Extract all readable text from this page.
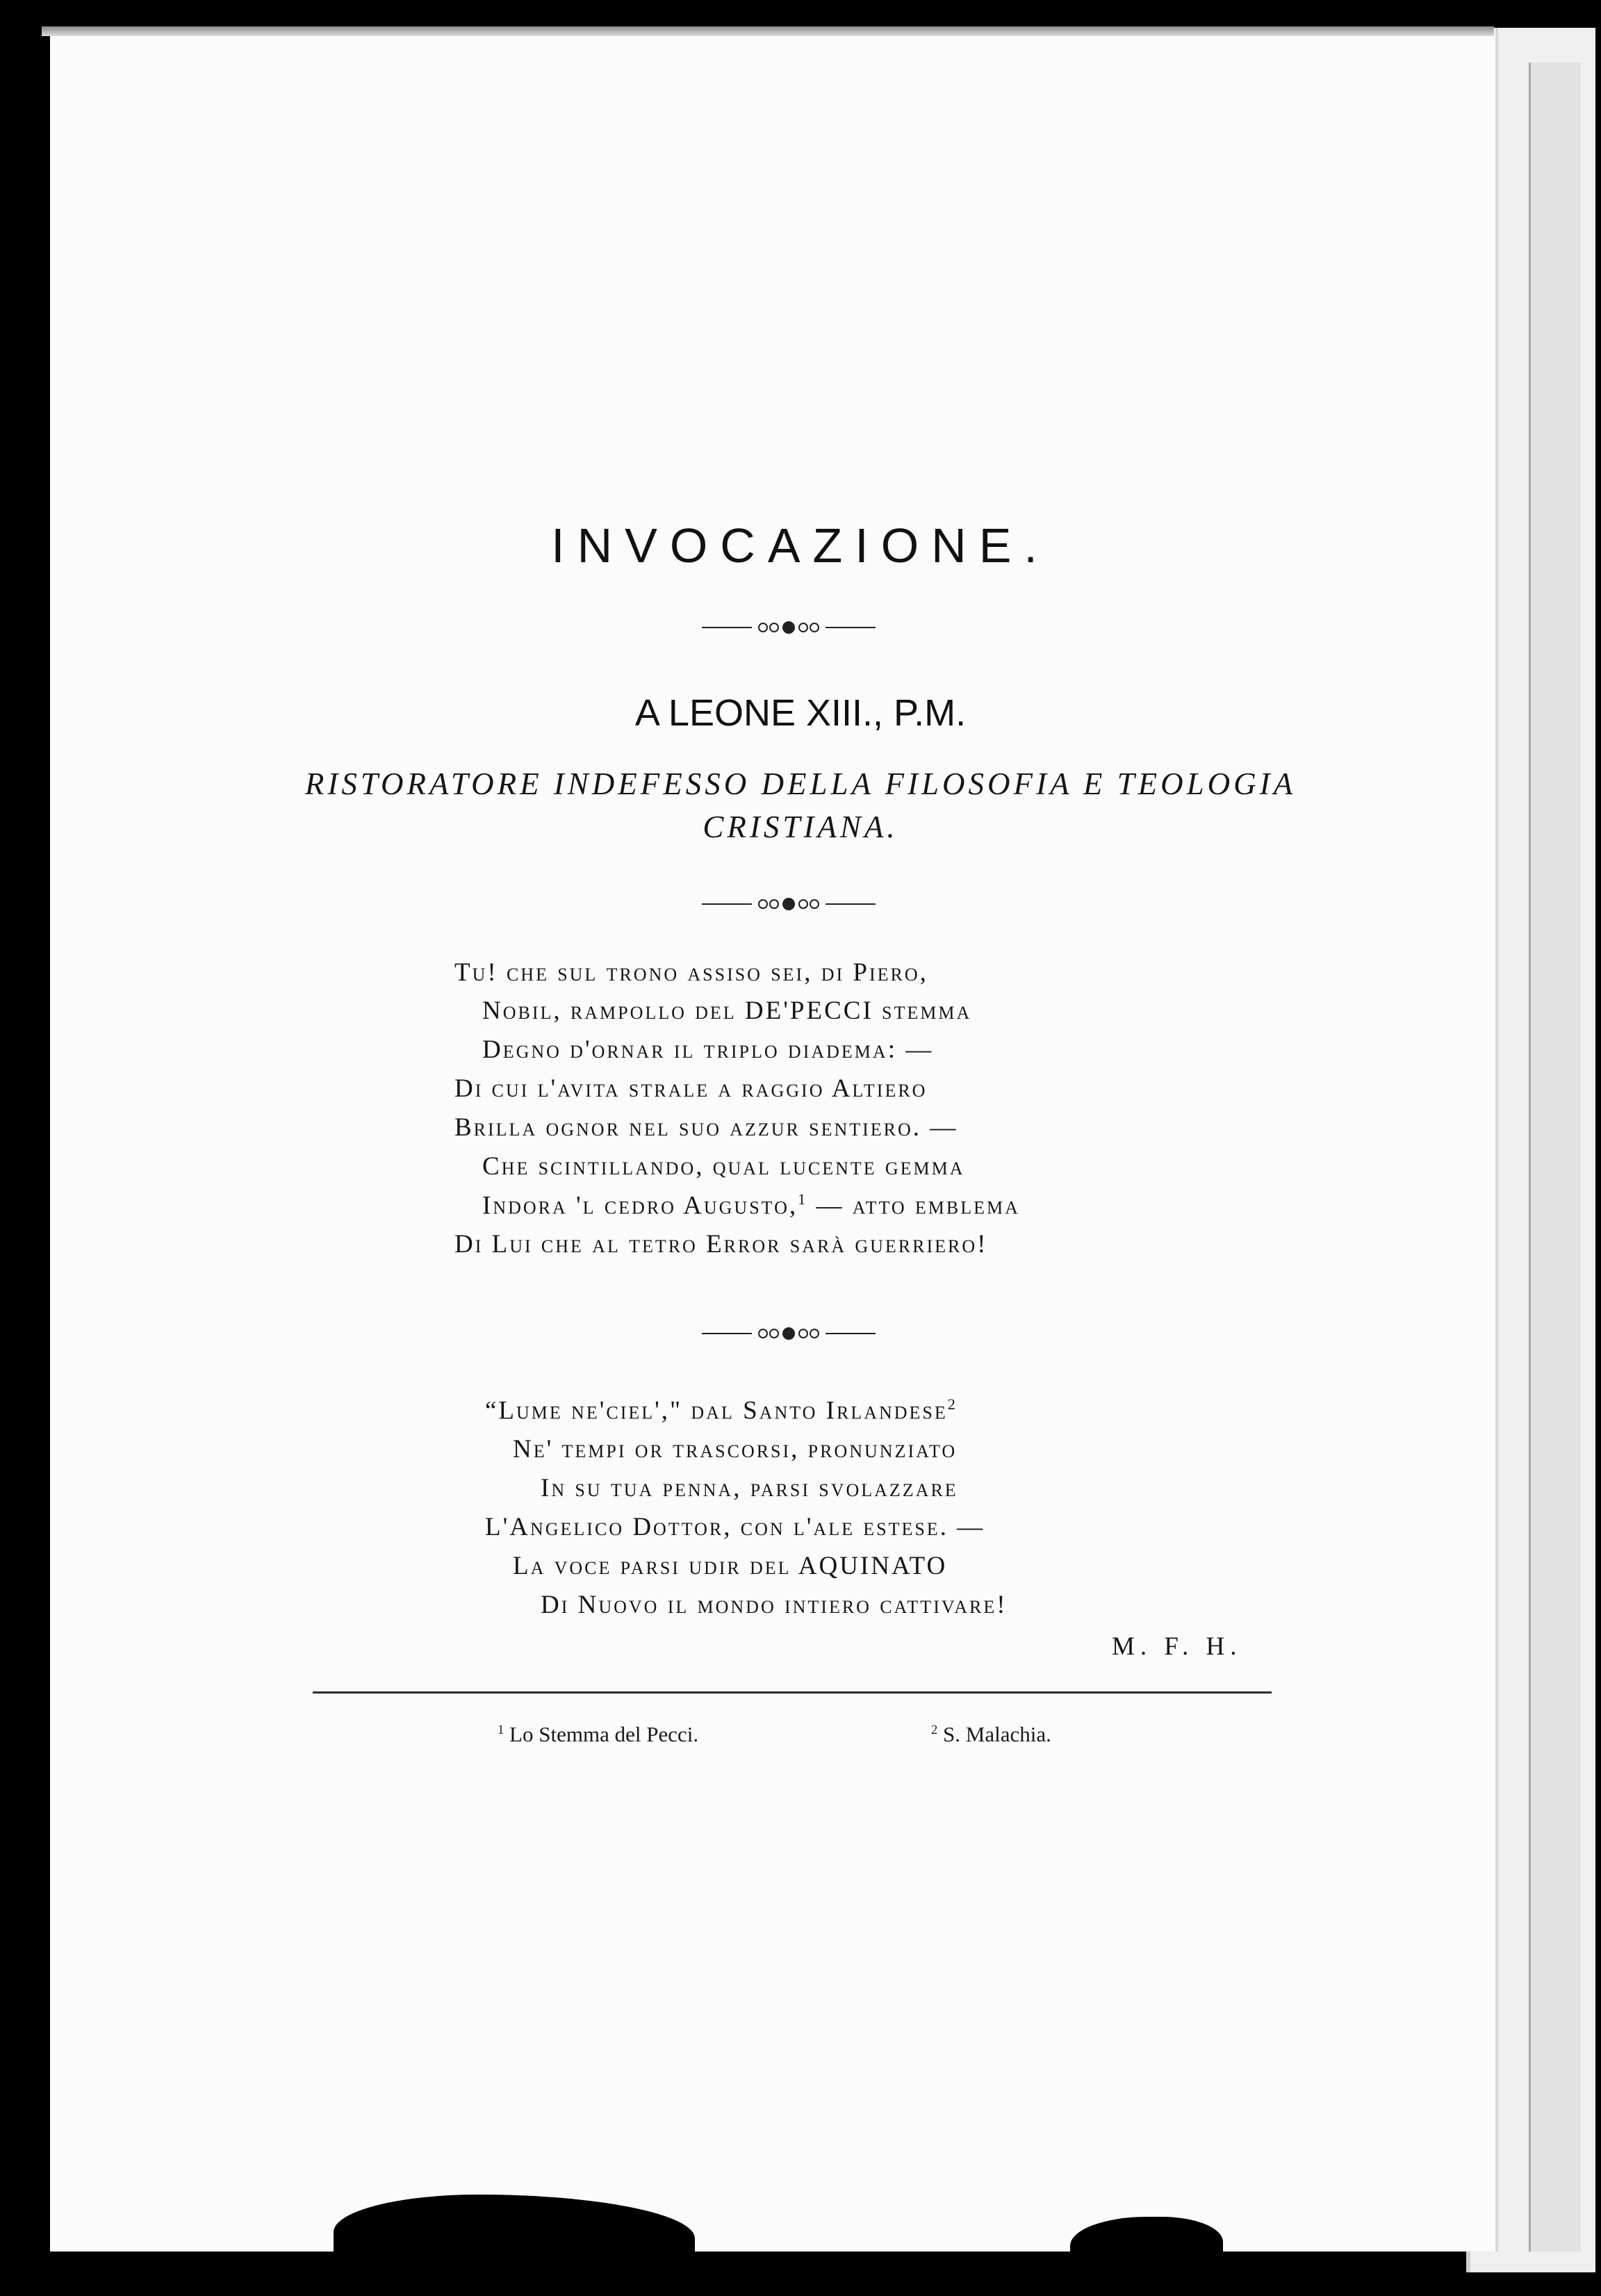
INVOCAZIONE.
A LEONE XIII., P.M.
RISTORATORE INDEFESSO DELLA FILOSOFIA E TEOLOGIA
CRISTIANA.
Tu! che sul trono assiso sei, di Piero,
Nobil, rampollo del DE'PECCI stemma
Degno d'ornar il triplo diadema: —
Di cui l'avita strale a raggio Altiero
Brilla ognor nel suo azzur sentiero. —
Che scintillando, qual lucente gemma
Indora 'l cedro Augusto,$^1$ — atto emblema
Di Lui che al tetro Error sarà guerriero!
“Lume ne'ciel'," dal Santo Irlandese$^2$
Ne' tempi or trascorsi, pronunziato
In su tua penna, parsi svolazzare
L'Angelico Dottor, con l'ale estese. —
La voce parsi udir del AQUINATO
Di Nuovo il mondo intiero cattivare!
M. F. H.
$^1$ Lo Stemma del Pecci.	$^2$ S. Malachia.
